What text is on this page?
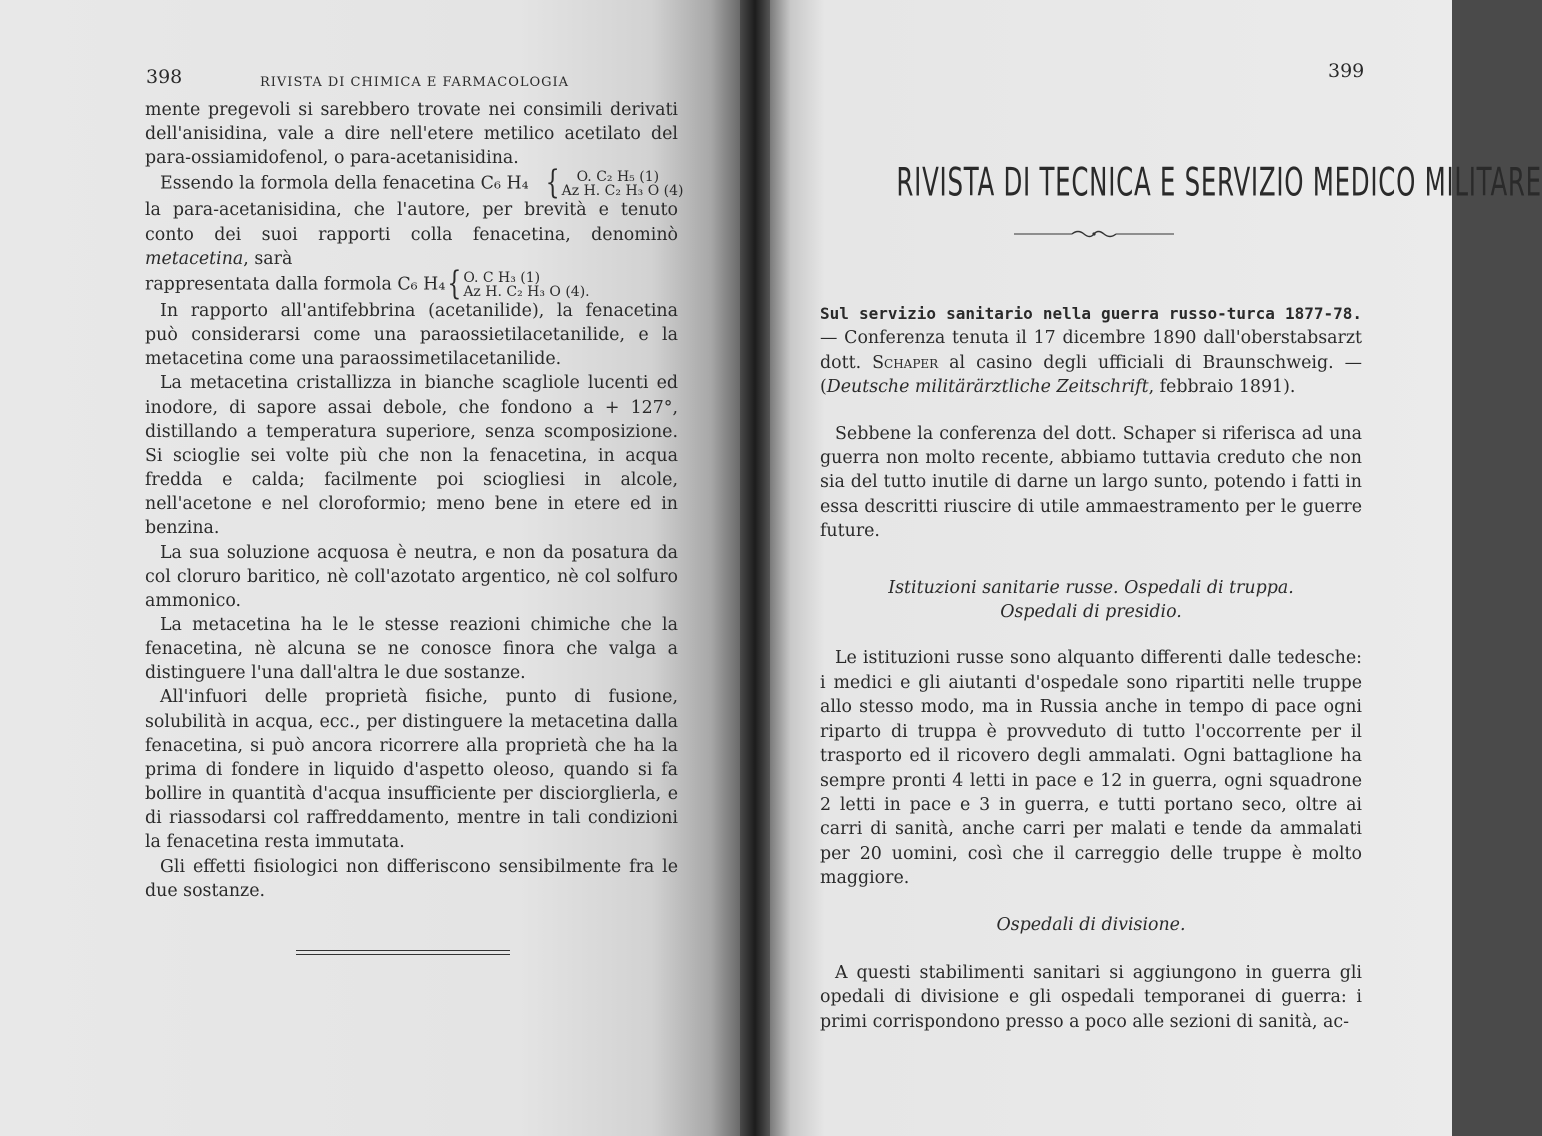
398	RIVISTA DI CHIMICA E FARMACOLOGIA

mente pregevoli si sarebbero trovate nei consimili derivati dell'anisidina, vale a dire nell'etere metilico acetilato del para-ossiamidofenol, o para-acetanisidina.

Essendo la formola della fenacetina C₆ H₄ { O. C₂ H₅ (1)
Az H. C₂ H₃ O (4)

la para-acetanisidina, che l'autore, per brevità e tenuto conto dei suoi rapporti colla fenacetina, denominò metacetina, sarà

rappresentata dalla formola C₆ H₄{ O. C H₃ (1)
Az H. C₂ H₃ O (4).

In rapporto all'antifebbrina (acetanilide), la fenacetina può considerarsi come una paraossietilacetanilide, e la metacetina come una paraossimetilacetanilide.

La metacetina cristallizza in bianche scagliole lucenti ed inodore, di sapore assai debole, che fondono a + 127°, distillando a temperatura superiore, senza scomposizione. Si scioglie sei volte più che non la fenacetina, in acqua fredda e calda; facilmente poi sciogliesi in alcole, nell'acetone e nel cloroformio; meno bene in etere ed in benzina.

La sua soluzione acquosa è neutra, e non da posatura da col cloruro baritico, nè coll'azotato argentico, nè col solfuro ammonico.

La metacetina ha le le stesse reazioni chimiche che la fenacetina, nè alcuna se ne conosce finora che valga a distinguere l'una dall'altra le due sostanze.

All'infuori delle proprietà fisiche, punto di fusione, solubilità in acqua, ecc., per distinguere la metacetina dalla fenacetina, si può ancora ricorrere alla proprietà che ha la prima di fondere in liquido d'aspetto oleoso, quando si fa bollire in quantità d'acqua insufficiente per disciorglierla, e di riassodarsi col raffreddamento, mentre in tali condizioni la fenacetina resta immutata.

Gli effetti fisiologici non differiscono sensibilmente fra le due sostanze.

399
RIVISTA DI TECNICA E SERVIZIO MEDICO MILITARE

Sul servizio sanitario nella guerra russo-turca 1877-78. — Conferenza tenuta il 17 dicembre 1890 dall'oberstabsarzt dott. Schaper al casino degli ufficiali di Braunschweig. — (Deutsche militärärztliche Zeitschrift, febbraio 1891).

Sebbene la conferenza del dott. Schaper si riferisca ad una guerra non molto recente, abbiamo tuttavia creduto che non sia del tutto inutile di darne un largo sunto, potendo i fatti in essa descritti riuscire di utile ammaestramento per le guerre future.

Istituzioni sanitarie russe. Ospedali di truppa.

Ospedali di presidio.

Le istituzioni russe sono alquanto differenti dalle tedesche: i medici e gli aiutanti d'ospedale sono ripartiti nelle truppe allo stesso modo, ma in Russia anche in tempo di pace ogni riparto di truppa è provveduto di tutto l'occorrente per il trasporto ed il ricovero degli ammalati. Ogni battaglione ha sempre pronti 4 letti in pace e 12 in guerra, ogni squadrone 2 letti in pace e 3 in guerra, e tutti portano seco, oltre ai carri di sanità, anche carri per malati e tende da ammalati per 20 uomini, così che il carreggio delle truppe è molto maggiore.

Ospedali di divisione.

A questi stabilimenti sanitari si aggiungono in guerra gli opedali di divisione e gli ospedali temporanei di guerra: i primi corrispondono presso a poco alle sezioni di sanità, ac-
